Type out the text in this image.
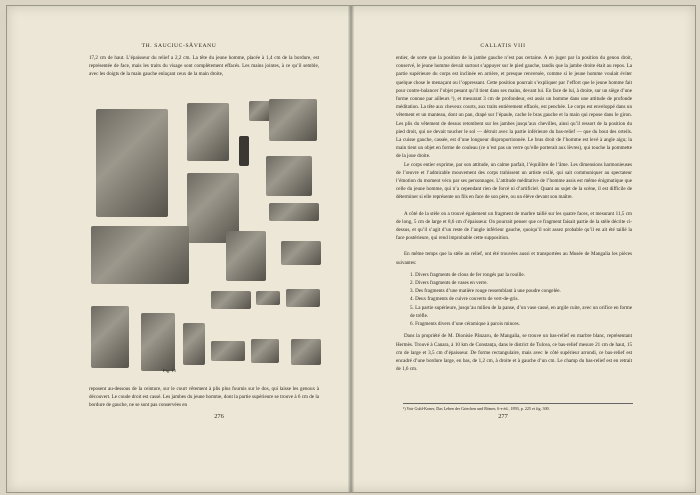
TH. SAUCIUC-SĂVEANU

17,2 cm de haut. L’épaisseur du relief a 2,2 cm. La tête du jeune homme, placée à 1,4 cm de la bordure, est représentée de face, mais les traits du visage sont complètement effacés. Les mains jointes, à ce qu’il semble, avec les doigts de la main gauche enlaçant ceux de la main droite,

Fig. 15

reposent au-dessous de la ceinture, sur le court vêtement à plis plus fournis sur le dos, qui laisse les genoux à découvert. Le coude droit est cassé. Les jambes du jeune homme, dont la partie supérieure se trouve à 6 cm de la bordure de gauche, ne se sont pas conservées en

276
CALLATIS VIII

entier, de sorte que la position de la jambe gauche n’est pas certaine. A en juger par la position du genou droit, conservé, le jeune homme devait surtout s’appuyer sur le pied gauche, tandis que la jambe droite était au repos. La partie supérieure du corps est inclinée en arrière, et presque renversée, comme si le jeune homme voulait éviter quelque chose le menaçant ou l’oppressant. Cette position pourrait s’expliquer par l’effort que le jeune homme fait pour contre-balancer l’objet pesant qu’il tient dans ses mains, devant lui. En face de lui, à droite, sur un siège d’une forme connue par ailleurs ¹), et mesurant 3 cm de profondeur, est assis un homme dans une attitude de profonde méditation. La tête aux cheveux courts, aux traits entièrement effacés, est penchée. Le corps est enveloppé dans un vêtement et un manteau, dont un pan, drapé sur l’épaule, cache le bras gauche et la main qui repose dans le giron. Les plis du vêtement de dessus retombent sur les jambes jusqu’aux chevilles, ainsi qu’il ressort de la position du pied droit, qui ne devait toucher le sol — détruit avec la partie inférieure du bas-relief — que du bout des orteils. La cuisse gauche, cassée, est d’une longueur disproportionnée. Le bras droit de l’homme est levé à angle aigu; la main tient un objet en forme de couleau (ce n’est pas un verre qu’elle porterait aux lèvres), qui touche la pommette de la joue droite.

Le corps entier exprime, par son attitude, un calme parfait, l’équilibre de l’âme. Les dimensions harmonieuses de l’œuvre et l’admirable mouvement des corps trahissent un artiste exilé, qui sait communiquer au spectateur l’émotion du moment vécu par ses personnages. L’attitude méditative de l’homme assis est même énigmatique que celle du jeune homme, qui n’a cependant rien de forcé ni d’artificiel. Quant au sujet de la scène, il est difficile de déterminer si elle représente un fils en face de son père, ou un élève devant son maître.

A côté de la stèle on a trouvé également un fragment de marbre taillé sur les quatre faces, et mesurant 11,5 cm de long, 5 cm de large et 8,6 cm d’épaisseur. On pourrait penser que ce fragment faisait partie de la stèle décrite ci-dessus, et qu’il s’agit d’un reste de l’angle inférieur gauche, quoiqu’il soit assez probable qu’il en ait été taillé la face postérieure, qui rend improbable cette supposition.

En même temps que la stèle au relief, ont été trouvées aussi et transportées au Musée de Mangalia les pièces suivantes:

1. Divers fragments de clous de fer rongés par la rouille.
2. Divers fragments de vases en verre.
3. Des fragments d’une matière rouge ressemblant à une poudre congelée.
4. Deux fragments de cuivre couverts de vert-de-gris.
5. La partie supérieure, jusqu’au milieu de la panse, d’un vase cassé, en argile cuite, avec un orifice en forme de trèfle.
6. Fragments divers d’une céramique à parois minces.

Dans la propriété de M. Dionisie Pânzaru, de Mangalia, se trouve un bas-relief en marbre blanc, représentant Hermès. Trouvé à Canara, à 10 km de Constanța, dans le district de Tulcea, ce bas-relief mesure 21 cm de haut, 15 cm de large et 3,5 cm d’épaisseur. De forme rectangulaire, mais avec le côté supérieur arrondi, ce bas-relief est encadré d’une bordure large, en bas, de 1,2 cm, à droite et à gauche d’un cm. Le champ du bas-relief est en retrait de 1,6 cm.

¹) Voir Guhl-Koner, Das Leben der Griechen und Römer, 6-e éd., 1893, p. 225 et fig. 300.
277
